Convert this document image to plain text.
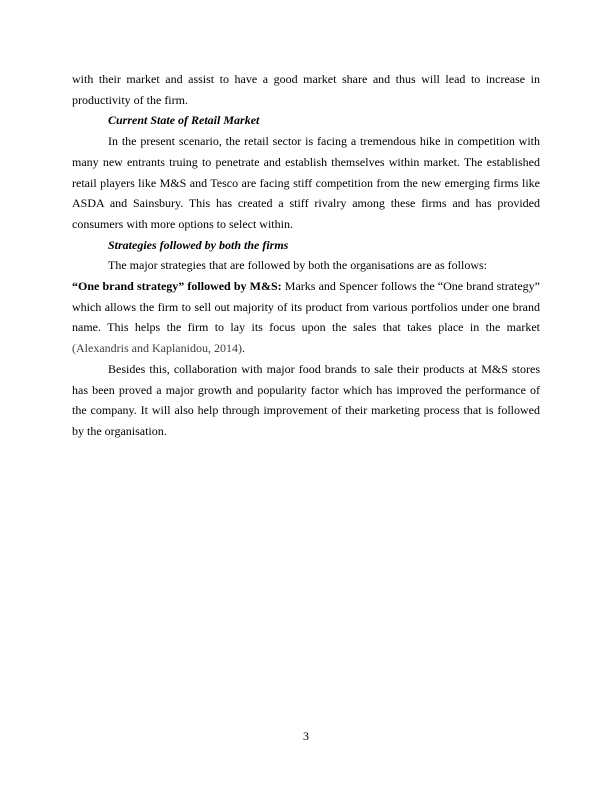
with their market and assist to have a good market share and thus will lead to increase in productivity of the firm.

Current State of Retail Market

In the present scenario, the retail sector is facing a tremendous hike in competition with many new entrants truing to penetrate and establish themselves within market. The established retail players like M&S and Tesco are facing stiff competition from the new emerging firms like ASDA and Sainsbury. This has created a stiff rivalry among these firms and has provided consumers with more options to select within.

Strategies followed by both the firms

The major strategies that are followed by both the organisations are as follows:

“One brand strategy” followed by M&S: Marks and Spencer follows the “One brand strategy” which allows the firm to sell out majority of its product from various portfolios under one brand name. This helps the firm to lay its focus upon the sales that takes place in the market (Alexandris and Kaplanidou, 2014).

Besides this, collaboration with major food brands to sale their products at M&S stores has been proved a major growth and popularity factor which has improved the performance of the company. It will also help through improvement of their marketing process that is followed by the organisation.

3
